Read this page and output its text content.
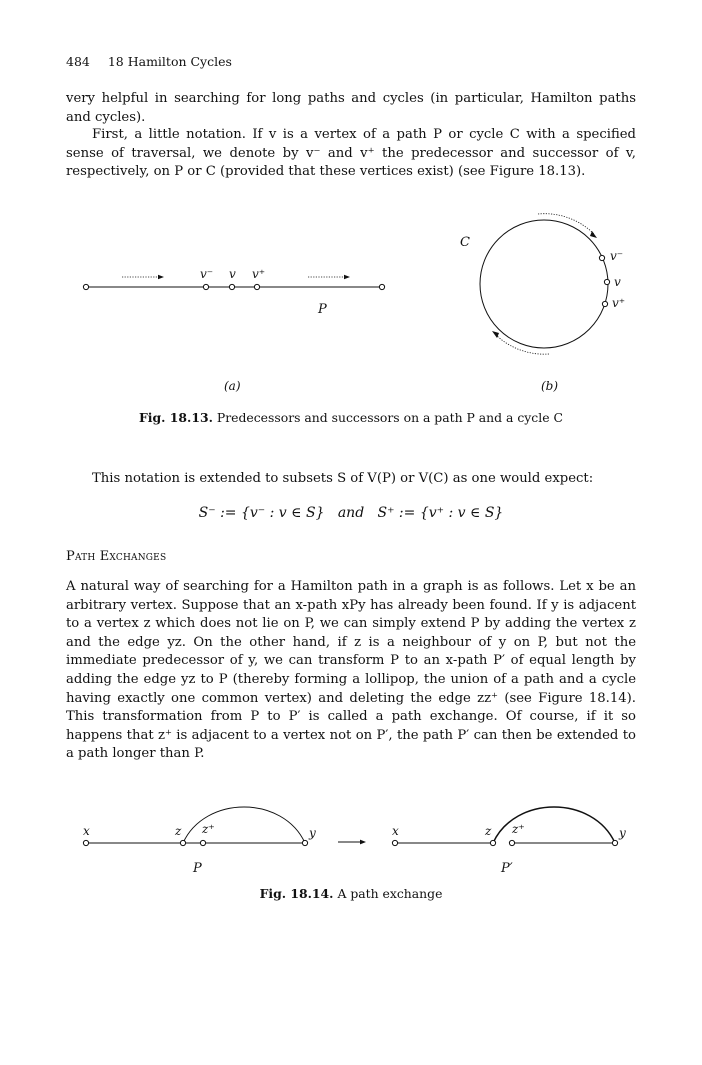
484 18 Hamilton Cycles

very helpful in searching for long paths and cycles (in particular, Hamilton paths and cycles).

First, a little notation. If v is a vertex of a path P or cycle C with a specified sense of traversal, we denote by v⁻ and v⁺ the predecessor and successor of v, respectively, on P or C (provided that these vertices exist) (see Figure 18.13).

v⁻ v v⁺
P
(a)
v⁻
v
v⁺
C
(b)
Fig. 18.13. Predecessors and successors on a path P and a cycle C

This notation is extended to subsets S of V(P) or V(C) as one would expect:

S⁻ := {v⁻ : v ∈ S}   and   S⁺ := {v⁺ : v ∈ S}
Path Exchanges

A natural way of searching for a Hamilton path in a graph is as follows. Let x be an arbitrary vertex. Suppose that an x-path xPy has already been found. If y is adjacent to a vertex z which does not lie on P, we can simply extend P by adding the vertex z and the edge yz. On the other hand, if z is a neighbour of y on P, but not the immediate predecessor of y, we can transform P to an x-path P′ of equal length by adding the edge yz to P (thereby forming a lollipop, the union of a path and a cycle having exactly one common vertex) and deleting the edge zz⁺ (see Figure 18.14). This transformation from P to P′ is called a path exchange. Of course, if it so happens that z⁺ is adjacent to a vertex not on P′, the path P′ can then be extended to a path longer than P.

x	z z⁺	y
P
x	z z⁺	y
P′
Fig. 18.14. A path exchange
